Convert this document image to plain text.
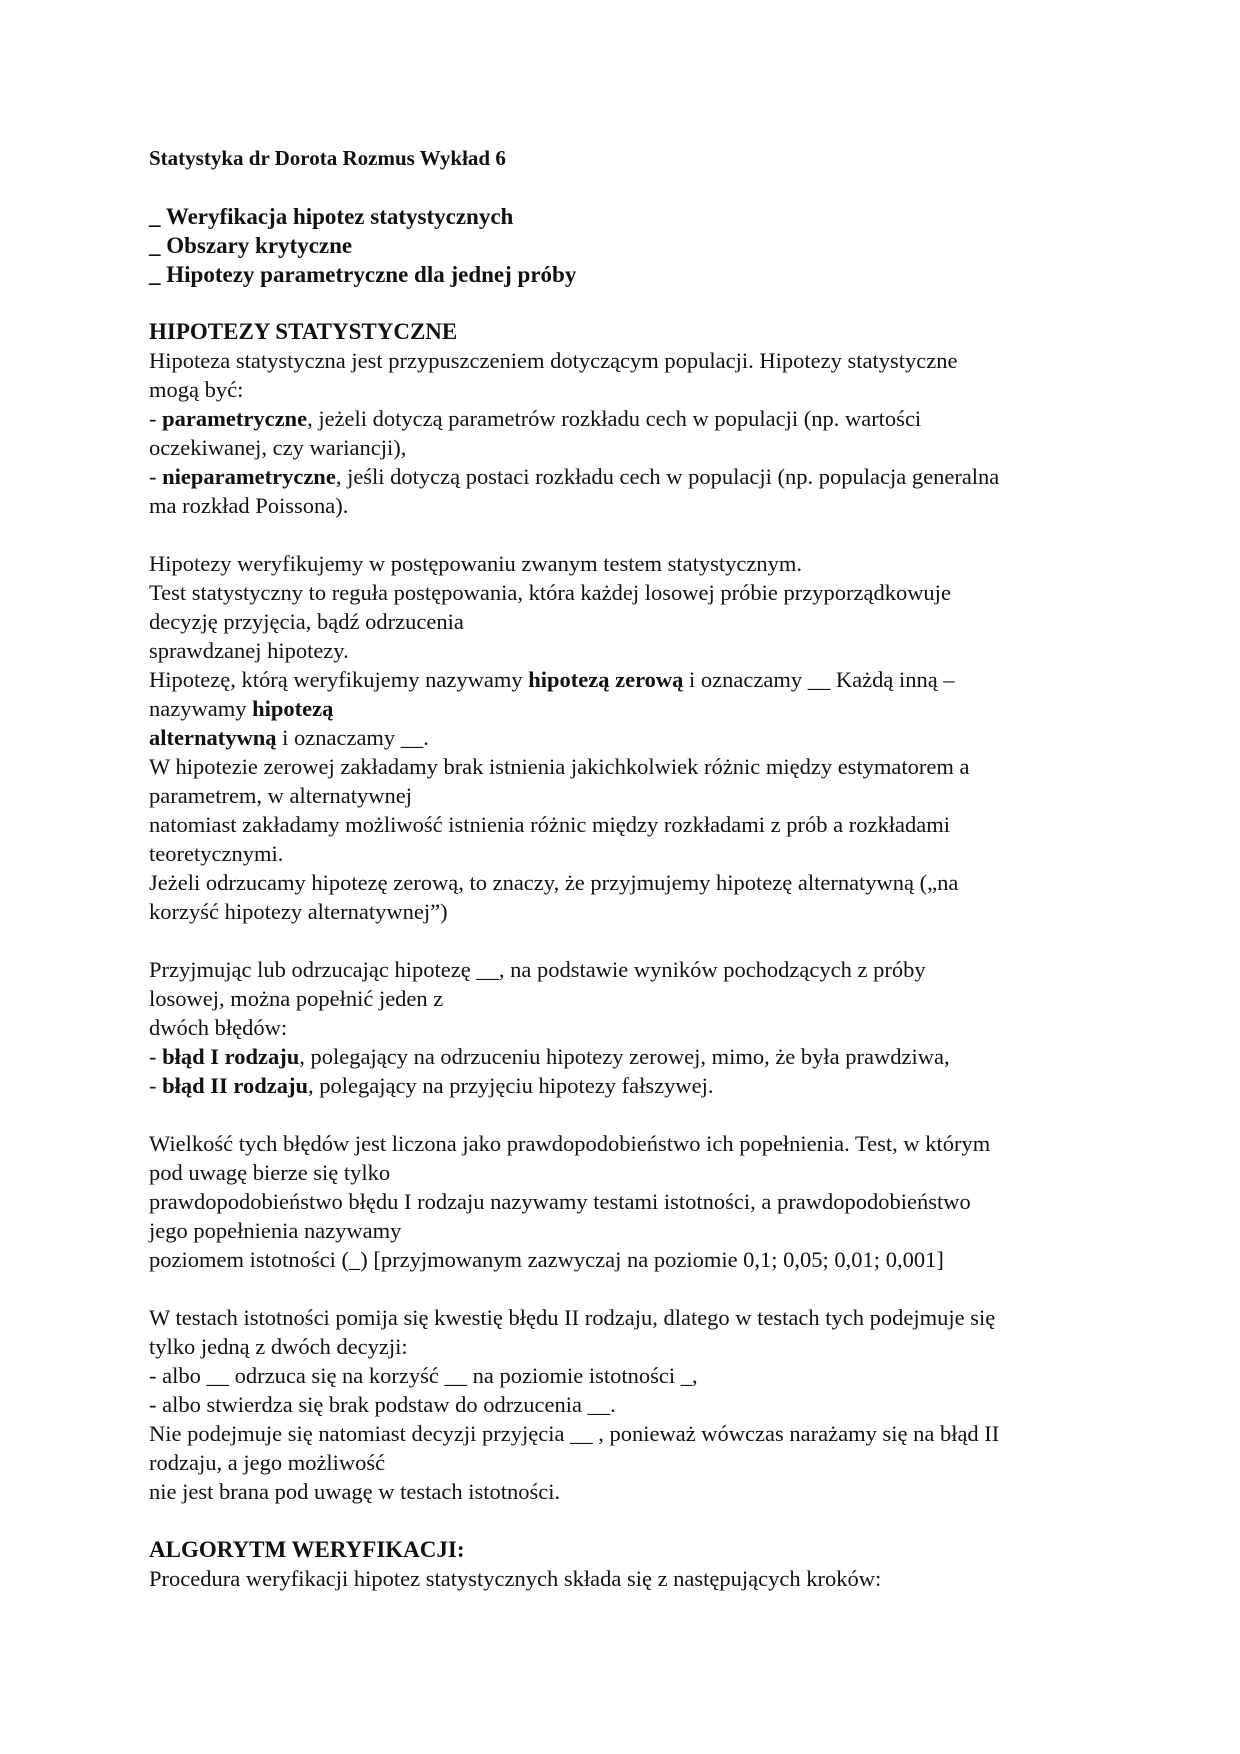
Statystyka dr Dorota Rozmus Wykład 6
_ Weryfikacja hipotez statystycznych
_ Obszary krytyczne
_ Hipotezy parametryczne dla jednej próby
HIPOTEZY STATYSTYCZNE
Hipoteza statystyczna jest przypuszczeniem dotyczącym populacji. Hipotezy statystyczne
mogą być:
- parametryczne, jeżeli dotyczą parametrów rozkładu cech w populacji (np. wartości
oczekiwanej, czy wariancji),
- nieparametryczne, jeśli dotyczą postaci rozkładu cech w populacji (np. populacja generalna
ma rozkład Poissona).
Hipotezy weryfikujemy w postępowaniu zwanym testem statystycznym.
Test statystyczny to reguła postępowania, która każdej losowej próbie przyporządkowuje
decyzję przyjęcia, bądź odrzucenia
sprawdzanej hipotezy.
Hipotezę, którą weryfikujemy nazywamy hipotezą zerową i oznaczamy __ Każdą inną –
nazywamy hipotezą
alternatywną i oznaczamy __.
W hipotezie zerowej zakładamy brak istnienia jakichkolwiek różnic między estymatorem a
parametrem, w alternatywnej
natomiast zakładamy możliwość istnienia różnic między rozkładami z prób a rozkładami
teoretycznymi.
Jeżeli odrzucamy hipotezę zerową, to znaczy, że przyjmujemy hipotezę alternatywną („na
korzyść hipotezy alternatywnej”)
Przyjmując lub odrzucając hipotezę __, na podstawie wyników pochodzących z próby
losowej, można popełnić jeden z
dwóch błędów:
- błąd I rodzaju, polegający na odrzuceniu hipotezy zerowej, mimo, że była prawdziwa,
- błąd II rodzaju, polegający na przyjęciu hipotezy fałszywej.
Wielkość tych błędów jest liczona jako prawdopodobieństwo ich popełnienia. Test, w którym
pod uwagę bierze się tylko
prawdopodobieństwo błędu I rodzaju nazywamy testami istotności, a prawdopodobieństwo
jego popełnienia nazywamy
poziomem istotności (_) [przyjmowanym zazwyczaj na poziomie 0,1; 0,05; 0,01; 0,001]
W testach istotności pomija się kwestię błędu II rodzaju, dlatego w testach tych podejmuje się
tylko jedną z dwóch decyzji:
- albo __ odrzuca się na korzyść __ na poziomie istotności _,
- albo stwierdza się brak podstaw do odrzucenia __.
Nie podejmuje się natomiast decyzji przyjęcia __ , ponieważ wówczas narażamy się na błąd II
rodzaju, a jego możliwość
nie jest brana pod uwagę w testach istotności.
ALGORYTM WERYFIKACJI:
Procedura weryfikacji hipotez statystycznych składa się z następujących kroków:
